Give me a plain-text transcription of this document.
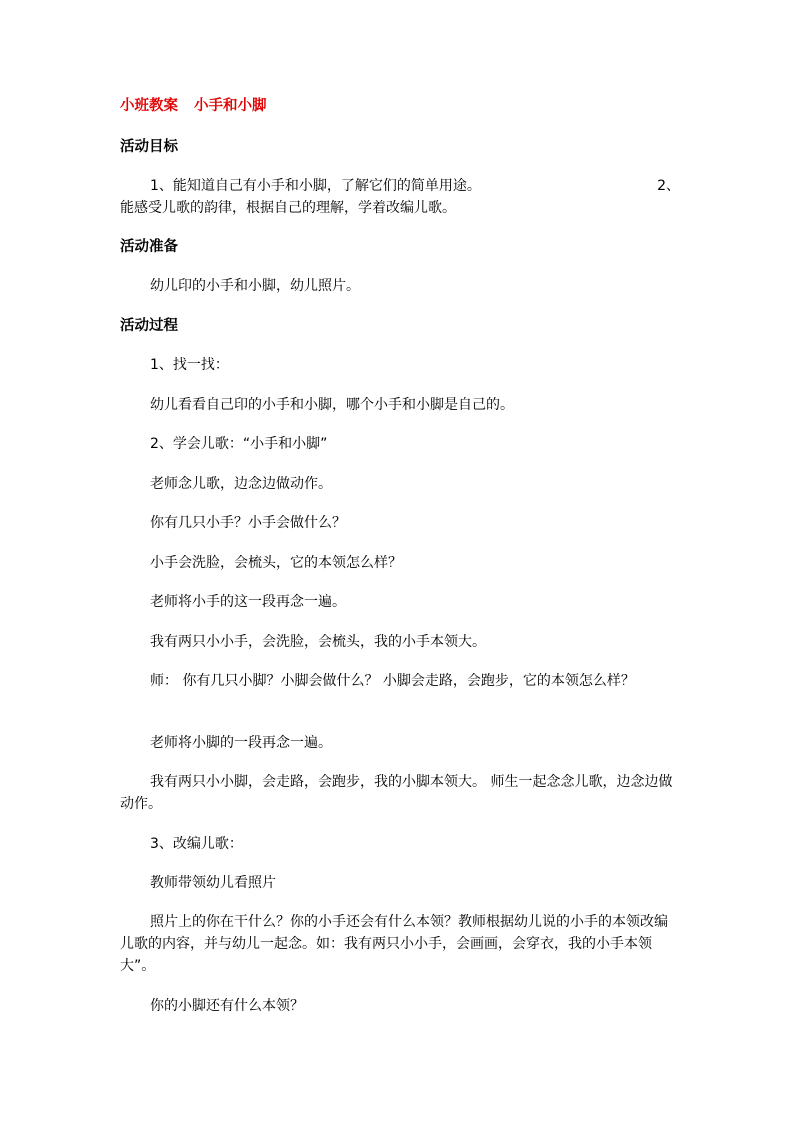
小班教案 小手和小脚
活动目标
1、能知道自己有小手和小脚，了解它们的简单用途。	2、
能感受儿歌的韵律，根据自己的理解，学着改编儿歌。
活动准备
幼儿印的小手和小脚，幼儿照片。
活动过程
1、找一找：
幼儿看看自己印的小手和小脚，哪个小手和小脚是自己的。
2、学会儿歌：“小手和小脚”
老师念儿歌，边念边做动作。
你有几只小手？小手会做什么？
小手会洗脸，会梳头，它的本领怎么样？
老师将小手的这一段再念一遍。
我有两只小小手，会洗脸，会梳头，我的小手本领大。
师： 你有几只小脚？小脚会做什么？ 小脚会走路，会跑步，它的本领怎么样？
老师将小脚的一段再念一遍。
我有两只小小脚，会走路，会跑步，我的小脚本领大。 师生一起念念儿歌，边念边做动作。
3、改编儿歌：
教师带领幼儿看照片
照片上的你在干什么？你的小手还会有什么本领？教师根据幼儿说的小手的本领改编儿歌的内容，并与幼儿一起念。如：我有两只小小手，会画画，会穿衣，我的小手本领大”。
你的小脚还有什么本领？
